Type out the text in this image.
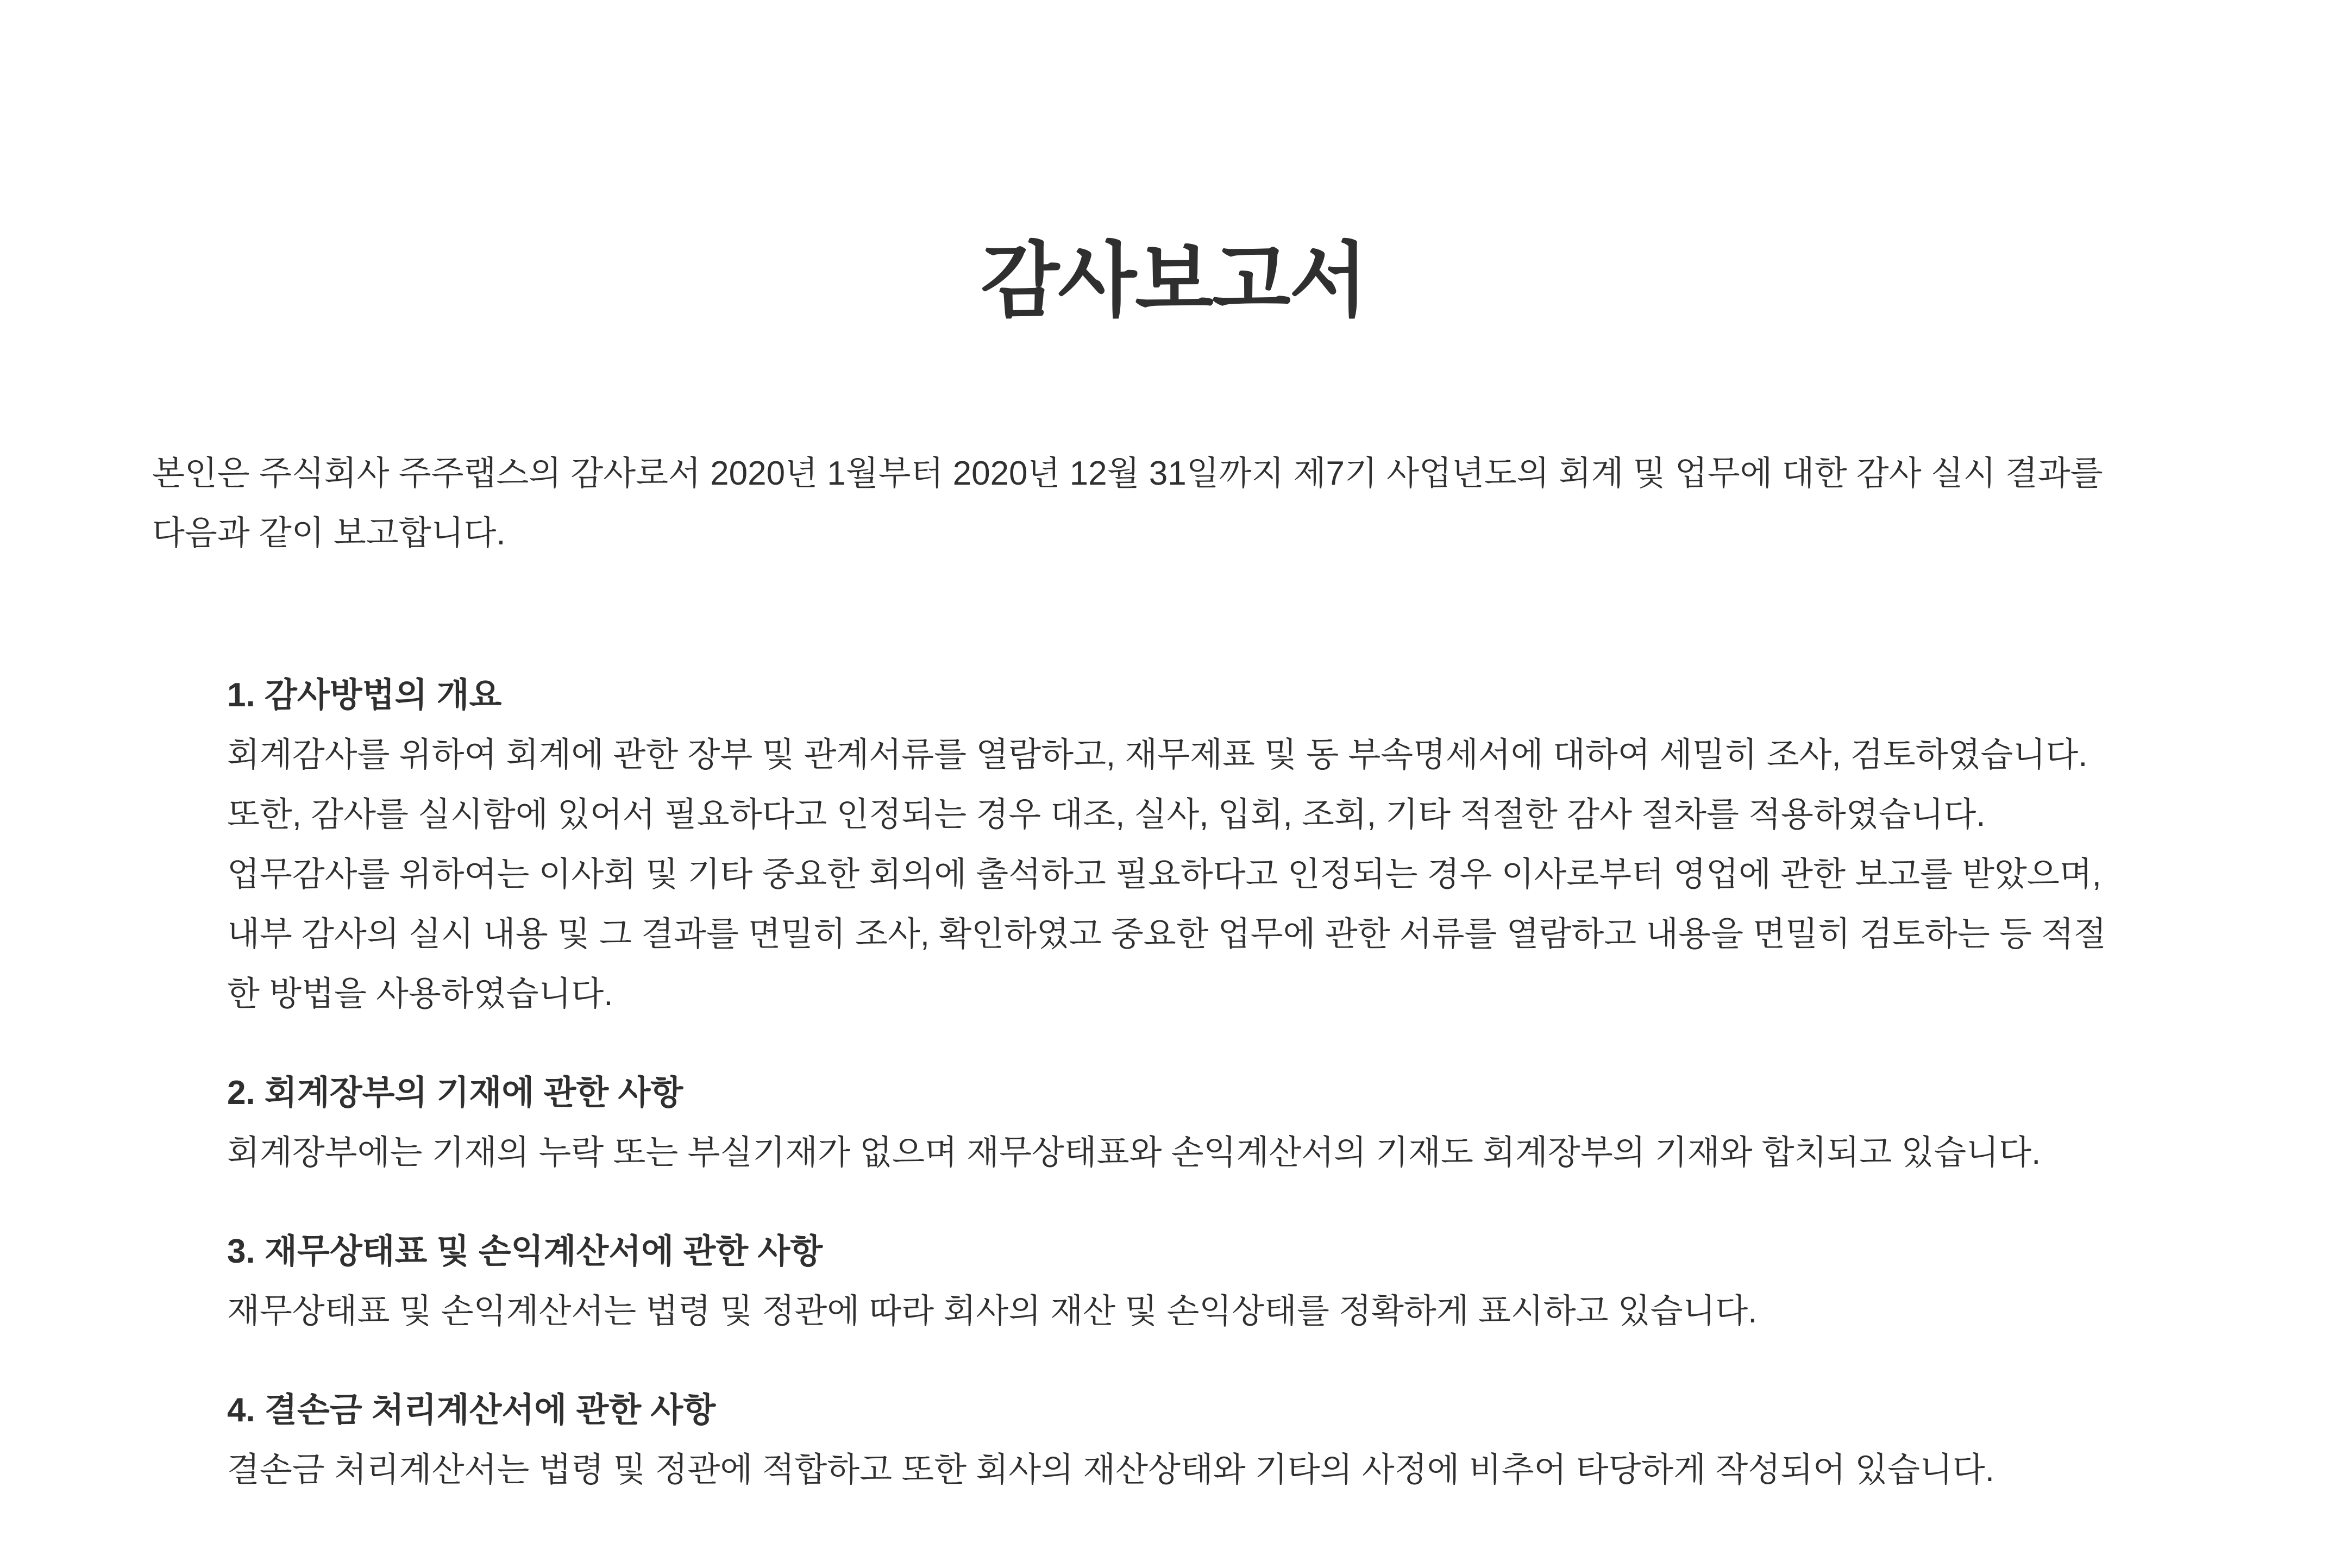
감사보고서
본인은 주식회사 주주랩스의 감사로서 2020년 1월부터 2020년 12월 31일까지 제7기 사업년도의 회계 및 업무에 대한 감사 실시 결과를
다음과 같이 보고합니다.
1. 감사방법의 개요
회계감사를 위하여 회계에 관한 장부 및 관계서류를 열람하고, 재무제표 및 동 부속명세서에 대하여 세밀히 조사, 검토하였습니다.
또한, 감사를 실시함에 있어서 필요하다고 인정되는 경우 대조, 실사, 입회, 조회, 기타 적절한 감사 절차를 적용하였습니다.
업무감사를 위하여는 이사회 및 기타 중요한 회의에 출석하고 필요하다고 인정되는 경우 이사로부터 영업에 관한 보고를 받았으며,
내부 감사의 실시 내용 및 그 결과를 면밀히 조사, 확인하였고 중요한 업무에 관한 서류를 열람하고 내용을 면밀히 검토하는 등 적절
한 방법을 사용하였습니다.
2. 회계장부의 기재에 관한 사항
회계장부에는 기재의 누락 또는 부실기재가 없으며 재무상태표와 손익계산서의 기재도 회계장부의 기재와 합치되고 있습니다.
3. 재무상태표 및 손익계산서에 관한 사항
재무상태표 및 손익계산서는 법령 및 정관에 따라 회사의 재산 및 손익상태를 정확하게 표시하고 있습니다.
4. 결손금 처리계산서에 관한 사항
결손금 처리계산서는 법령 및 정관에 적합하고 또한 회사의 재산상태와 기타의 사정에 비추어 타당하게 작성되어 있습니다.
